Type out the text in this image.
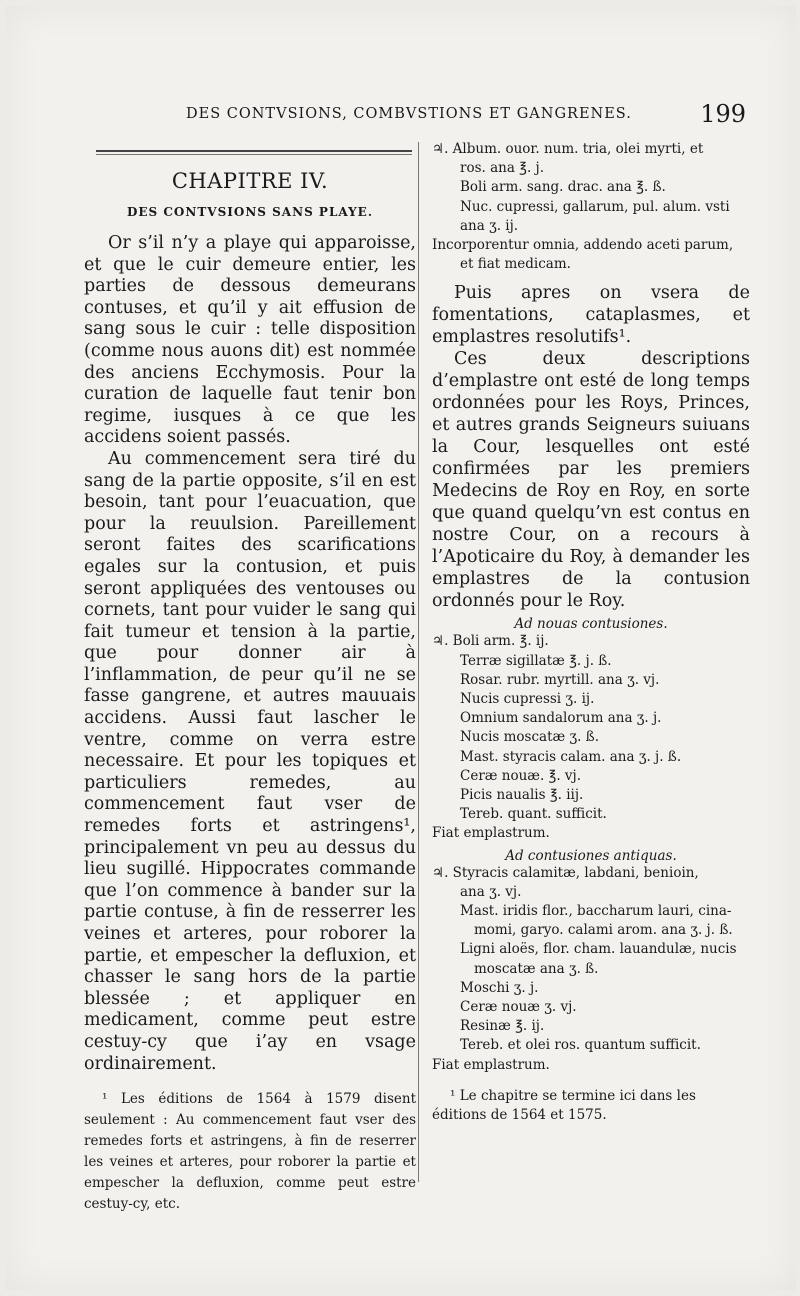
DES CONTVSIONS, COMBVSTIONS ET GANGRENES.	199
CHAPITRE IV.
DES CONTVSIONS SANS PLAYE.

Or s’il n’y a playe qui apparoisse, et que le cuir demeure entier, les parties de dessous demeurans contuses, et qu’il y ait effusion de sang sous le cuir : telle disposition (comme nous auons dit) est nommée des anciens Ecchymosis. Pour la curation de laquelle faut tenir bon regime, iusques à ce que les accidens soient passés.

Au commencement sera tiré du sang de la partie opposite, s’il en est besoin, tant pour l’euacuation, que pour la reuulsion. Pareillement seront faites des scarifications egales sur la contusion, et puis seront appliquées des ventouses ou cornets, tant pour vuider le sang qui fait tumeur et tension à la partie, que pour donner air à l’inflammation, de peur qu’il ne se fasse gangrene, et autres mauuais accidens. Aussi faut lascher le ventre, comme on verra estre necessaire. Et pour les topiques et particuliers remedes, au commencement faut vser de remedes forts et astringens¹, principalement vn peu au dessus du lieu sugillé. Hippocrates commande que l’on commence à bander sur la partie contuse, à fin de resserrer les veines et arteres, pour roborer la partie, et empescher la defluxion, et chasser le sang hors de la partie blessée ; et appliquer en medicament, comme peut estre cestuy-cy que i’ay en vsage ordinairement.

¹ Les éditions de 1564 à 1579 disent seulement : Au commencement faut vser des remedes forts et astringens, à fin de reserrer les veines et arteres, pour roborer la partie et empescher la defluxion, comme peut estre cestuy-cy, etc.
♃. Album. ouor. num. tria, olei myrti, et
ros. ana ℥. j.
Boli arm. sang. drac. ana ℥. ß.
Nuc. cupressi, gallarum, pul. alum. vsti
ana ʒ. ij.
Incorporentur omnia, addendo aceti parum,
et fiat medicam.

Puis apres on vsera de fomentations, cataplasmes, et emplastres resolutifs¹.

Ces deux descriptions d’emplastre ont esté de long temps ordonnées pour les Roys, Princes, et autres grands Seigneurs suiuans la Cour, lesquelles ont esté confirmées par les premiers Medecins de Roy en Roy, en sorte que quand quelqu’vn est contus en nostre Cour, on a recours à l’Apoticaire du Roy, à demander les emplastres de la contusion ordonnés pour le Roy.

Ad nouas contusiones.
♃. Boli arm. ℥. ij.
Terræ sigillatæ ℥. j. ß.
Rosar. rubr. myrtill. ana ʒ. vj.
Nucis cupressi ʒ. ij.
Omnium sandalorum ana ʒ. j.
Nucis moscatæ ʒ. ß.
Mast. styracis calam. ana ʒ. j. ß.
Ceræ nouæ. ℥. vj.
Picis naualis ℥. iij.
Tereb. quant. sufficit.
Fiat emplastrum.
Ad contusiones antiquas.
♃. Styracis calamitæ, labdani, benioin,
ana ʒ. vj.
Mast. iridis flor., baccharum lauri, cina-
momi, garyo. calami arom. ana ʒ. j. ß.
Ligni aloës, flor. cham. lauandulæ, nucis
moscatæ ana ʒ. ß.
Moschi ʒ. j.
Ceræ nouæ ʒ. vj.
Resinæ ℥. ij.
Tereb. et olei ros. quantum sufficit.
Fiat emplastrum.
¹ Le chapitre se termine ici dans les éditions de 1564 et 1575.
